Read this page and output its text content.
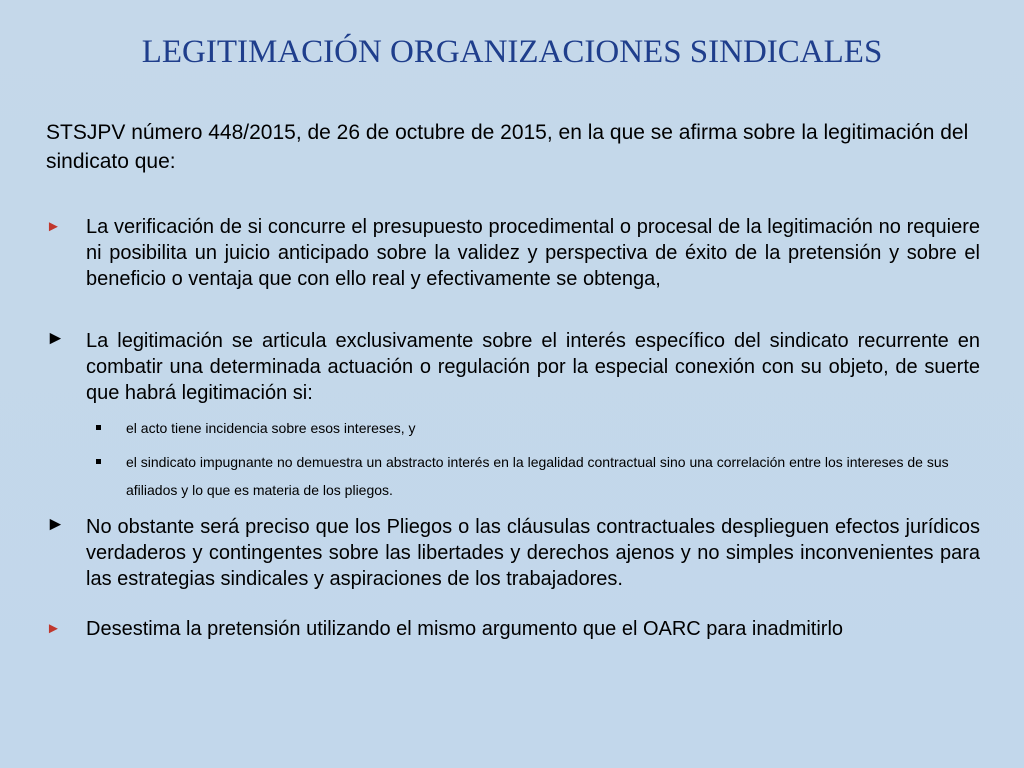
LEGITIMACIÓN ORGANIZACIONES SINDICALES

STSJPV número 448/2015, de 26 de octubre de 2015, en la que se afirma sobre la legitimación del sindicato que:

► La verificación de si concurre el presupuesto procedimental o procesal de la legitimación no requiere ni posibilita un juicio anticipado sobre la validez y perspectiva de éxito de la pretensión y sobre el beneficio o ventaja que con ello real y efectivamente se obtenga,
► La legitimación se articula exclusivamente sobre el interés específico del sindicato recurrente en combatir una determinada actuación o regulación por la especial conexión con su objeto, de suerte que habrá legitimación si:
el acto tiene incidencia sobre esos intereses, y
el sindicato impugnante no demuestra un abstracto interés en la legalidad contractual sino una correlación entre los intereses de sus afiliados y lo que es materia de los pliegos.
► No obstante será preciso que los Pliegos o las cláusulas contractuales desplieguen efectos jurídicos verdaderos y contingentes sobre las libertades y derechos ajenos y no simples inconvenientes para las estrategias sindicales y aspiraciones de los trabajadores.
► Desestima la pretensión utilizando el mismo argumento que el OARC para inadmitirlo
